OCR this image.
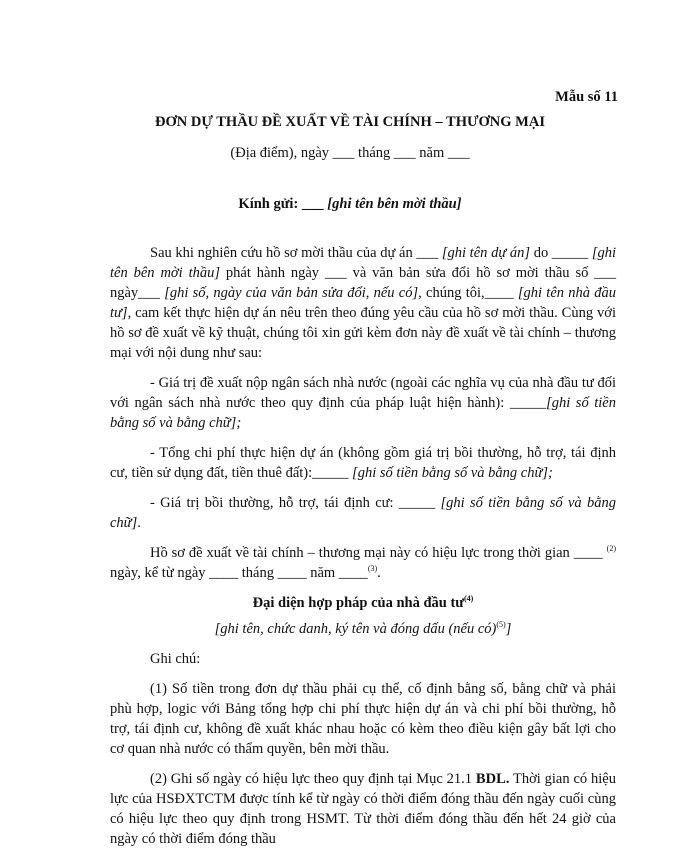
Mẫu số 11
ĐƠN DỰ THẦU ĐỀ XUẤT VỀ TÀI CHÍNH – THƯƠNG MẠI
(Địa điểm), ngày ___ tháng ___ năm ___
Kính gửi: ___ [ghi tên bên mời thầu]

Sau khi nghiên cứu hồ sơ mời thầu của dự án ___ [ghi tên dự án] do _____ [ghi tên bên mời thầu] phát hành ngày ___ và văn bản sửa đổi hồ sơ mời thầu số ___ ngày___ [ghi số, ngày của văn bản sửa đổi, nếu có], chúng tôi,____ [ghi tên nhà đầu tư], cam kết thực hiện dự án nêu trên theo đúng yêu cầu của hồ sơ mời thầu. Cùng với hồ sơ đề xuất về kỹ thuật, chúng tôi xin gửi kèm đơn này đề xuất về tài chính – thương mại với nội dung như sau:

- Giá trị đề xuất nộp ngân sách nhà nước (ngoài các nghĩa vụ của nhà đầu tư đối với ngân sách nhà nước theo quy định của pháp luật hiện hành): _____[ghi số tiền bằng số và bằng chữ];

- Tổng chi phí thực hiện dự án (không gồm giá trị bồi thường, hỗ trợ, tái định cư, tiền sử dụng đất, tiền thuê đất):_____ [ghi số tiền bằng số và bằng chữ];

- Giá trị bồi thường, hỗ trợ, tái định cư: _____ [ghi số tiền bằng số và bằng chữ].

Hồ sơ đề xuất về tài chính – thương mại này có hiệu lực trong thời gian ____ $^{(2)}$ ngày, kể từ ngày ____ tháng ____ năm ____$^{(3)}$.

Đại diện hợp pháp của nhà đầu $tư^{(4)}$

[ghi tên, chức danh, ký tên và đóng dấu (nếu có)$^{(5)}$]

Ghi chú:

(1) Số tiền trong đơn dự thầu phải cụ thể, cố định bằng số, bằng chữ và phải phù hợp, logic với Bảng tổng hợp chi phí thực hiện dự án và chi phí bồi thường, hỗ trợ, tái định cư, không đề xuất khác nhau hoặc có kèm theo điều kiện gây bất lợi cho cơ quan nhà nước có thẩm quyền, bên mời thầu.

(2) Ghi số ngày có hiệu lực theo quy định tại Mục 21.1 BDL. Thời gian có hiệu lực của HSĐXTCTM được tính kể từ ngày có thời điểm đóng thầu đến ngày cuối cùng có hiệu lực theo quy định trong HSMT. Từ thời điểm đóng thầu đến hết 24 giờ của ngày có thời điểm đóng thầu
